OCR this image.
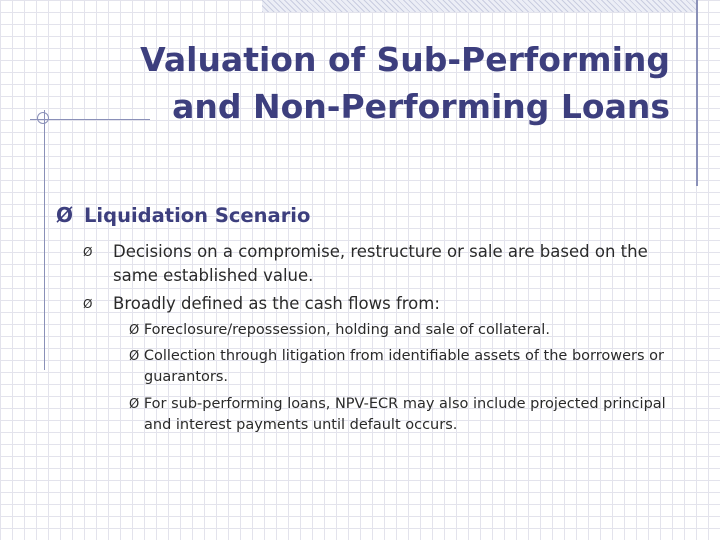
Valuation of Sub-Performing
and Non-Performing Loans
Ø Liquidation Scenario
Ø Decisions on a compromise, restructure or sale are based on the same established value.
Ø Broadly defined as the cash flows from:
Ø Foreclosure/repossession, holding and sale of collateral.
Ø Collection through litigation from identifiable assets of the borrowers or guarantors.
Ø For sub-performing loans, NPV-ECR may also include projected principal and interest payments until default occurs.
